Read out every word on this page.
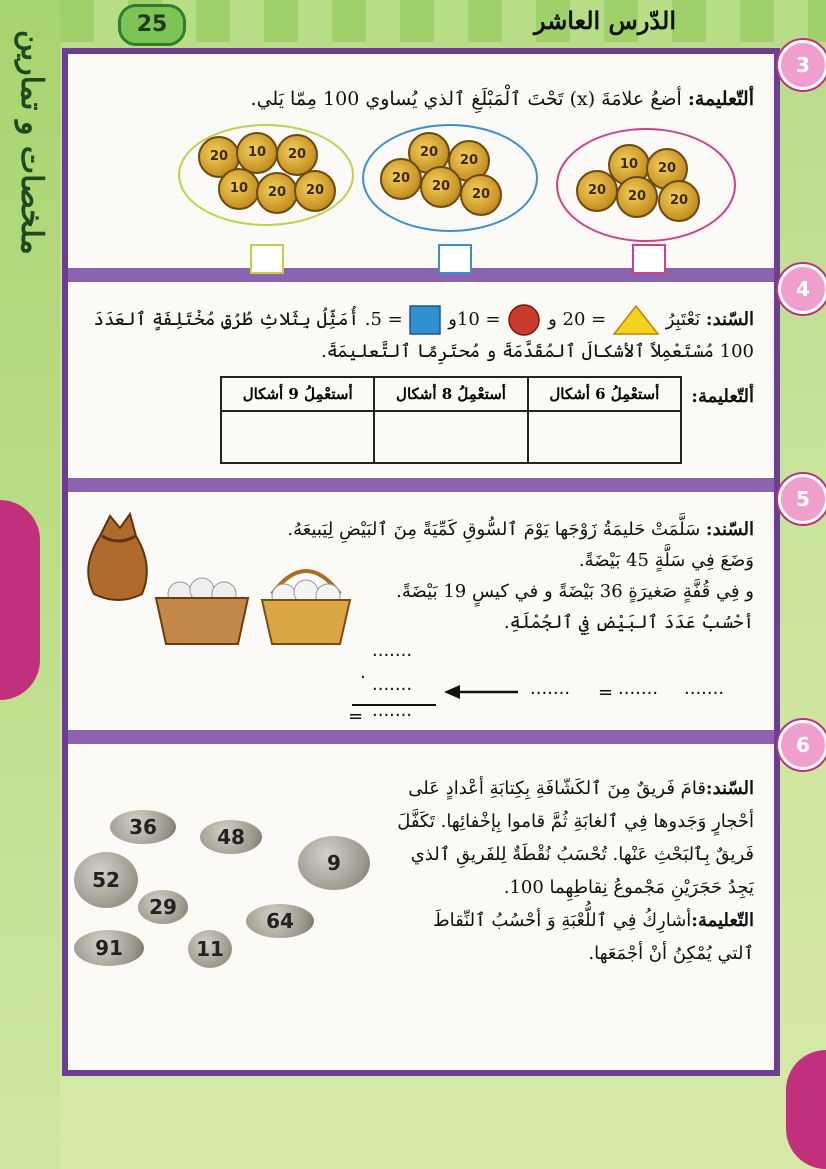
ملخصات و تمارين
25	الدّرس العاشر
ألتّعليمة: أضعُ علامَةَ (x) تَحْتَ ٱلْمَبْلَغِ ٱلذي يُساوي 100 مِمّا يَلي.
20	10	20
10	20	20
20
20
20
20
20
10	20
20	20	20
السّند: نَعْتَبِرُ  = 20 و  = 10و  = 5. أُمَثِّلُ بِثَلاثِ طُرُقٍ مُخْتَلِفَةٍ ٱلعَدَدَ
100 مُسْتَعْمِلاً ٱلأشكالَ ٱلمُقَدَّمَةَ و مُحتَرِمًا ٱلتَّعليمَةَ.
ألتّعليمة:
أستعْمِلُ 6 أشكال	أستعْمِلُ 8 أشكال	أستعْمِلُ 9 أشكال

السّند: سَلَّمَتْ حَليمَةُ زَوْجَها يَوْمَ ٱلسُّوقِ كَمِّيَةً مِنَ ٱلبَيْضِ لِيَبيعَهُ.
وَضَعَ فِي سَلَّةٍ 45 بَيْضَةً.
و فِي قُفَّةٍ صَغيرَةٍ 36 بَيْضَةً و في كيسٍ 19 بَيْضَةً.
أحْسُبُ عَدَدَ ٱلبَيْضِ فِي ٱلجُمْلَةِ.
.......
.
.......
= .......
....... = ....... .......
السّند:قامَ فَريقٌ مِنَ ٱلكَشّافَةِ بِكِتابَةِ أعْدادٍ عَلى أحْجارٍ وَجَدوها فِي ٱلغابَةِ ثُمَّ قاموا بِإخْفائِها. تَكَفَّلَ فَريقٌ بِٱلبَحْثِ عَنْها. تُحْسَبُ نُقْطَةٌ لِلفَريقِ ٱلذي يَجِدُ حَجَرَيْنِ مَجْموعُ نِقاطِهِما 100.
التّعليمة:أشارِكُ فِي ٱللُّعْبَةِ وَ أحْسُبُ ٱلنِّقاطَ ٱلتي يُمْكِنُ أنْ أجْمَعَها.
36	48
9
52
29
64
91	11
3
4
5
6
